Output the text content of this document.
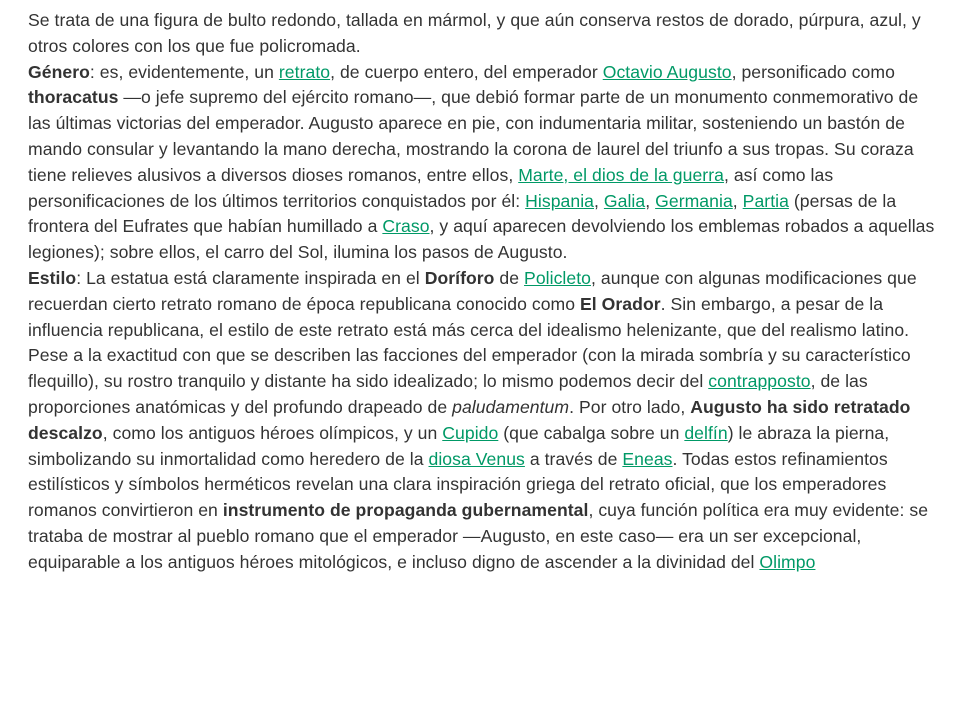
Se trata de una figura de bulto redondo, tallada en mármol, y que aún conserva restos de dorado, púrpura, azul, y otros colores con los que fue policromada.

Género: es, evidentemente, un retrato, de cuerpo entero, del emperador Octavio Augusto, personificado como thoracatus —o jefe supremo del ejército romano—, que debió formar parte de un monumento conmemorativo de las últimas victorias del emperador. Augusto aparece en pie, con indumentaria militar, sosteniendo un bastón de mando consular y levantando la mano derecha, mostrando la corona de laurel del triunfo a sus tropas. Su coraza tiene relieves alusivos a diversos dioses romanos, entre ellos, Marte, el dios de la guerra, así como las personificaciones de los últimos territorios conquistados por él: Hispania, Galia, Germania, Partia (persas de la frontera del Eufrates que habían humillado a Craso, y aquí aparecen devolviendo los emblemas robados a aquellas legiones); sobre ellos, el carro del Sol, ilumina los pasos de Augusto.

Estilo: La estatua está claramente inspirada en el Doríforo de Policleto, aunque con algunas modificaciones que recuerdan cierto retrato romano de época republicana conocido como El Orador. Sin embargo, a pesar de la influencia republicana, el estilo de este retrato está más cerca del idealismo helenizante, que del realismo latino. Pese a la exactitud con que se describen las facciones del emperador (con la mirada sombría y su característico flequillo), su rostro tranquilo y distante ha sido idealizado; lo mismo podemos decir del contrapposto, de las proporciones anatómicas y del profundo drapeado de paludamentum. Por otro lado, Augusto ha sido retratado descalzo, como los antiguos héroes olímpicos, y un Cupido (que cabalga sobre un delfín) le abraza la pierna, simbolizando su inmortalidad como heredero de la diosa Venus a través de Eneas. Todas estos refinamientos estilísticos y símbolos herméticos revelan una clara inspiración griega del retrato oficial, que los emperadores romanos convirtieron en instrumento de propaganda gubernamental, cuya función política era muy evidente: se trataba de mostrar al pueblo romano que el emperador —Augusto, en este caso— era un ser excepcional, equiparable a los antiguos héroes mitológicos, e incluso digno de ascender a la divinidad del Olimpo
